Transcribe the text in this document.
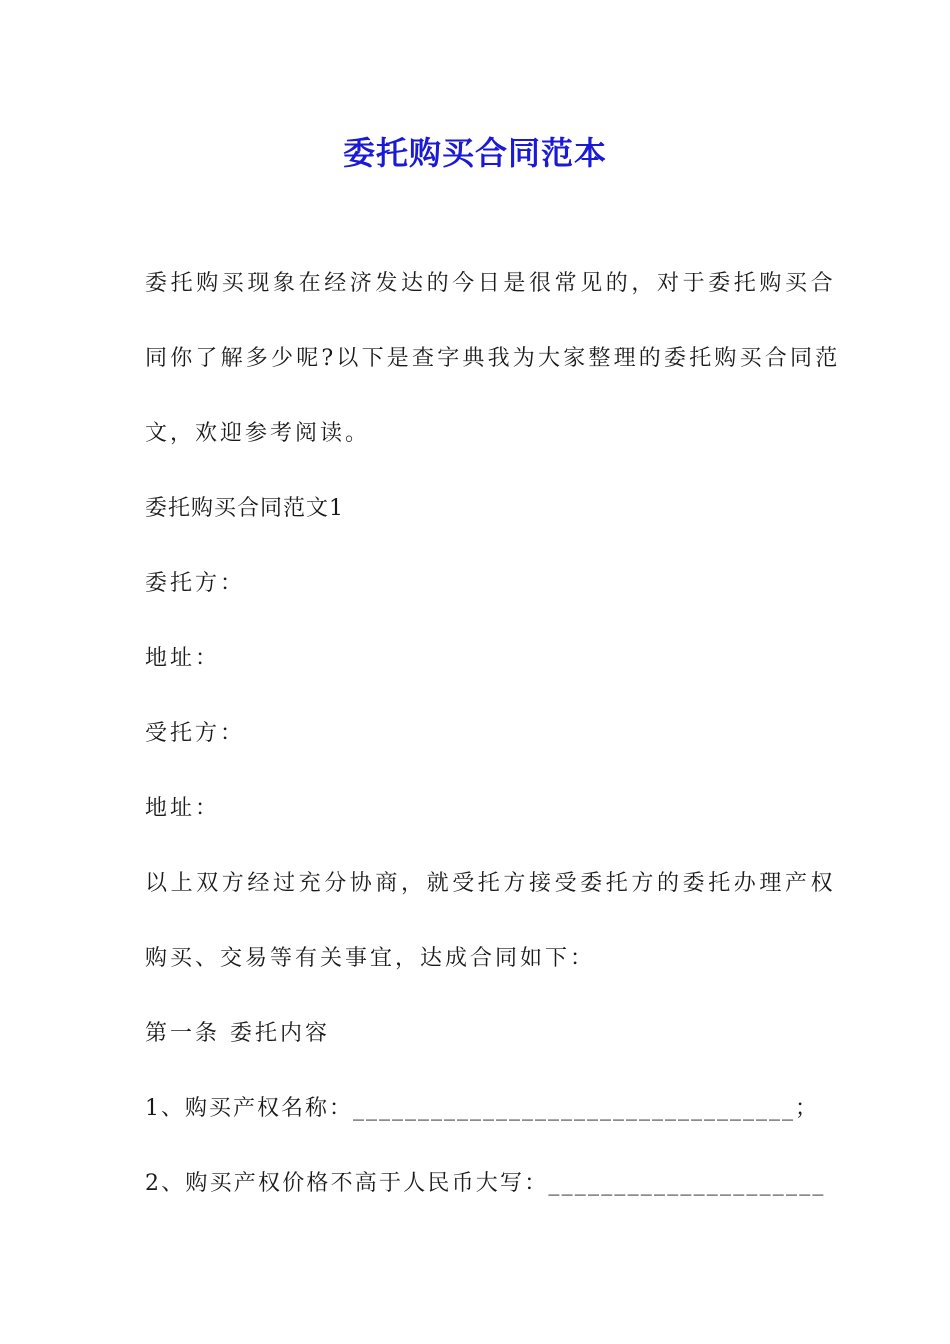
委托购买合同范本
委托购买现象在经济发达的今日是很常见的，对于委托购买合
同你了解多少呢?以下是查字典我为大家整理的委托购买合同范
文，欢迎参考阅读。
委托购买合同范文1
委托方：
地址：
受托方：
地址：
以上双方经过充分协商，就受托方接受委托方的委托办理产权
购买、交易等有关事宜，达成合同如下：
第一条 委托内容
1、购买产权名称：__________________________________；
2、购买产权价格不高于人民币大写：_____________________
